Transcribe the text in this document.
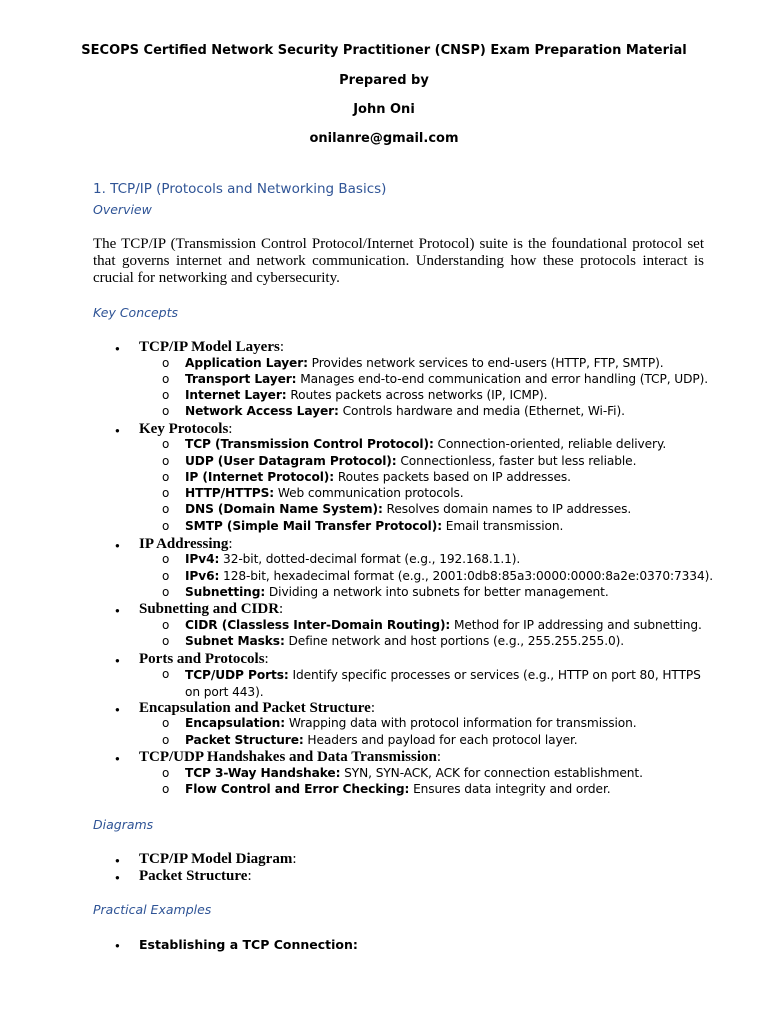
SECOPS Certified Network Security Practitioner (CNSP) Exam Preparation Material
Prepared by
John Oni
onilanre@gmail.com
1. TCP/IP (Protocols and Networking Basics)
Overview
The TCP/IP (Transmission Control Protocol/Internet Protocol) suite is the foundational protocol set that governs internet and network communication. Understanding how these protocols interact is crucial for networking and cybersecurity.
Key Concepts
● TCP/IP Model Layers:
o Application Layer: Provides network services to end-users (HTTP, FTP, SMTP).
o Transport Layer: Manages end-to-end communication and error handling (TCP, UDP).
o Internet Layer: Routes packets across networks (IP, ICMP).
o Network Access Layer: Controls hardware and media (Ethernet, Wi-Fi).
● Key Protocols:
o TCP (Transmission Control Protocol): Connection-oriented, reliable delivery.
o UDP (User Datagram Protocol): Connectionless, faster but less reliable.
o IP (Internet Protocol): Routes packets based on IP addresses.
o HTTP/HTTPS: Web communication protocols.
o DNS (Domain Name System): Resolves domain names to IP addresses.
o SMTP (Simple Mail Transfer Protocol): Email transmission.
● IP Addressing:
o IPv4: 32-bit, dotted-decimal format (e.g., 192.168.1.1).
o IPv6: 128-bit, hexadecimal format (e.g., 2001:0db8:85a3:0000:0000:8a2e:0370:7334).
o Subnetting: Dividing a network into subnets for better management.
● Subnetting and CIDR:
o CIDR (Classless Inter-Domain Routing): Method for IP addressing and subnetting.
o Subnet Masks: Define network and host portions (e.g., 255.255.255.0).
● Ports and Protocols:
o TCP/UDP Ports: Identify specific processes or services (e.g., HTTP on port 80, HTTPS on port 443).
● Encapsulation and Packet Structure:
o Encapsulation: Wrapping data with protocol information for transmission.
o Packet Structure: Headers and payload for each protocol layer.
● TCP/UDP Handshakes and Data Transmission:
o TCP 3-Way Handshake: SYN, SYN-ACK, ACK for connection establishment.
o Flow Control and Error Checking: Ensures data integrity and order.
Diagrams
● TCP/IP Model Diagram:
● Packet Structure:
Practical Examples
● Establishing a TCP Connection:
